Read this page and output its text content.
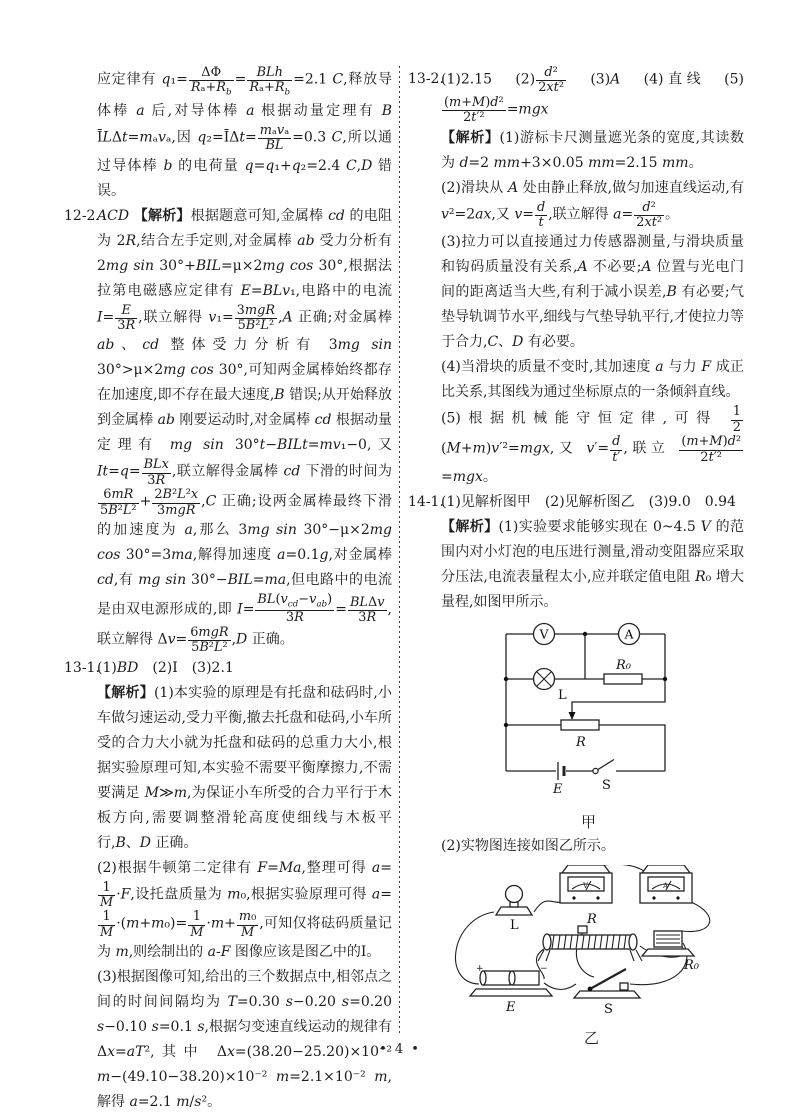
应定律有 $q_1= \frac{\Delta\Phi}{R_a+R_b} = \frac{\text{BLh}}{R_a+R_b} =2.1$ C,释放导体棒 a 后,对导体棒 a 根据动量定理有 B ĪLΔt=mₐvₐ,因 q₂=ĪΔt= $\frac{\text{mₐvₐ}}{BL} =0.3$ C,所以通过导体棒 b 的电荷量 q=q₁+q₂=2.4 C,D 错误。

12-2.ACD 【解析】根据题意可知,金属棒 cd 的电阻为 2R,结合左手定则,对金属棒 ab 受力分析有 2mg sin 30°+BIL=μ×2mg cos 30°,根据法拉第电磁感应定律有 E=BLv₁,电路中的电流 $I= \frac{E}{3R}$ ,联立解得 $v_1= \frac{\text{3mgR}}{\text{5B²L²}} ,A$ 正确;对金属棒 ab、cd 整体受力分析有 3mg sin 30°>μ×2mg cos 30°,可知两金属棒始终都存在加速度,即不存在最大速度,B 错误;从开始释放到金属棒 ab 刚要运动时,对金属棒 cd 根据动量定理有 mg sin 30°t−BILt=mv₁−0,又 $It=q= \frac{\text{BLx}}{3R}$ ,联立解得金属棒 cd 下滑的时间为
$\frac{6mR}{\text{5B²L²}} + \frac{\text{2B²L²x}}{\text{3mgR}} ,C$ 正确;设两金属棒最终下滑的加速度为 a,那么 3mg sin 30°−μ×2mg cos 30°=3ma,解得加速度 a=0.1g,对金属棒 cd,有 mg sin 30°−BIL=ma,但电路中的电流是由双电源形成的,即 $I= \frac{BL(v_{cd}-v_{ab})}{3R} = \frac{\text{BLΔv}}{3R}$ ,联立解得 $\Delta v= \frac{\text{6mgR}}{\text{5B²L²}} ,D$ 正确。

13-1.(1)BD　(2)Ⅰ　(3)2.1

【解析】(1)本实验的原理是有托盘和砝码时,小车做匀速运动,受力平衡,撤去托盘和砝码,小车所受的合力大小就为托盘和砝码的总重力大小,根据实验原理可知,本实验不需要平衡摩擦力,不需要满足 M≫m,为保证小车所受的合力平行于木板方向,需要调整滑轮高度使细线与木板平行,B、D 正确。

(2)根据牛顿第二定律有 F=Ma,整理可得 a=
$\frac{1}{M} \cdot F$,设托盘质量为 m₀,根据实验原理可得 a=
$\frac{1}{M} \cdot(m+m_0)= \frac{1}{M} \cdot m+ \frac{\text{m₀}}{M}$ ,可知仅将砝码质量记为 m,则绘制出的 a-F 图像应该是图乙中的Ⅰ。

(3)根据图像可知,给出的三个数据点中,相邻点之间的时间间隔均为 T=0.30 s−0.20 s=0.20 s−0.10 s=0.1 s,根据匀变速直线运动的规律有 Δx=aT²,其中 Δx=(38.20−25.20)×10⁻² m−(49.10−38.20)×10⁻² m=2.1×10⁻² m,解得 a=2.1 m/s²。

13-2.(1)2.15　$(2) \frac{\text{d²}}{\text{2xt²}}$ 　(3)A　(4)直线　(5)
$\frac{\text{(m+M)d²}}{\text{2t′²}} =mgx$

【解析】(1)游标卡尺测量遮光条的宽度,其读数为 d=2 mm+3×0.05 mm=2.15 mm。

(2)滑块从 A 处由静止释放,做匀加速直线运动,有 v²=2ax,又 $v= \frac{d}{t}$ ,联立解得 $a= \frac{\text{d²}}{\text{2xt²}}$ 。

(3)拉力可以直接通过力传感器测量,与滑块质量和钩码质量没有关系,A 不必要;A 位置与光电门间的距离适当大些,有利于减小误差,B 有必要;气垫导轨调节水平,细线与气垫导轨平行,才使拉力等于合力,C、D 有必要。

(4)当滑块的质量不变时,其加速度 a 与力 F 成正比关系,其图线为通过坐标原点的一条倾斜直线。

(5)根据机械能守恒定律,可得 $\frac{1}{2}$
(M+m)v′²=mgx,又 $v'= \frac{d}{t'}$ ,联立 $\frac{\text{(m+M)d²}}{\text{2t′²}}$
=mgx。

14-1.(1)见解析图甲　(2)见解析图乙　(3)9.0　0.94

【解析】(1)实验要求能够实现在 0~4.5 V 的范围内对小灯泡的电压进行测量,滑动变阻器应采取分压法,电流表量程太小,应并联定值电阻 R₀ 增大量程,如图甲所示。

V	A
L
R₀
R
E	S
甲

(2)实物图连接如图乙所示。

V	A
+	−
L	R
R₀
E	S
乙
• 4 •
